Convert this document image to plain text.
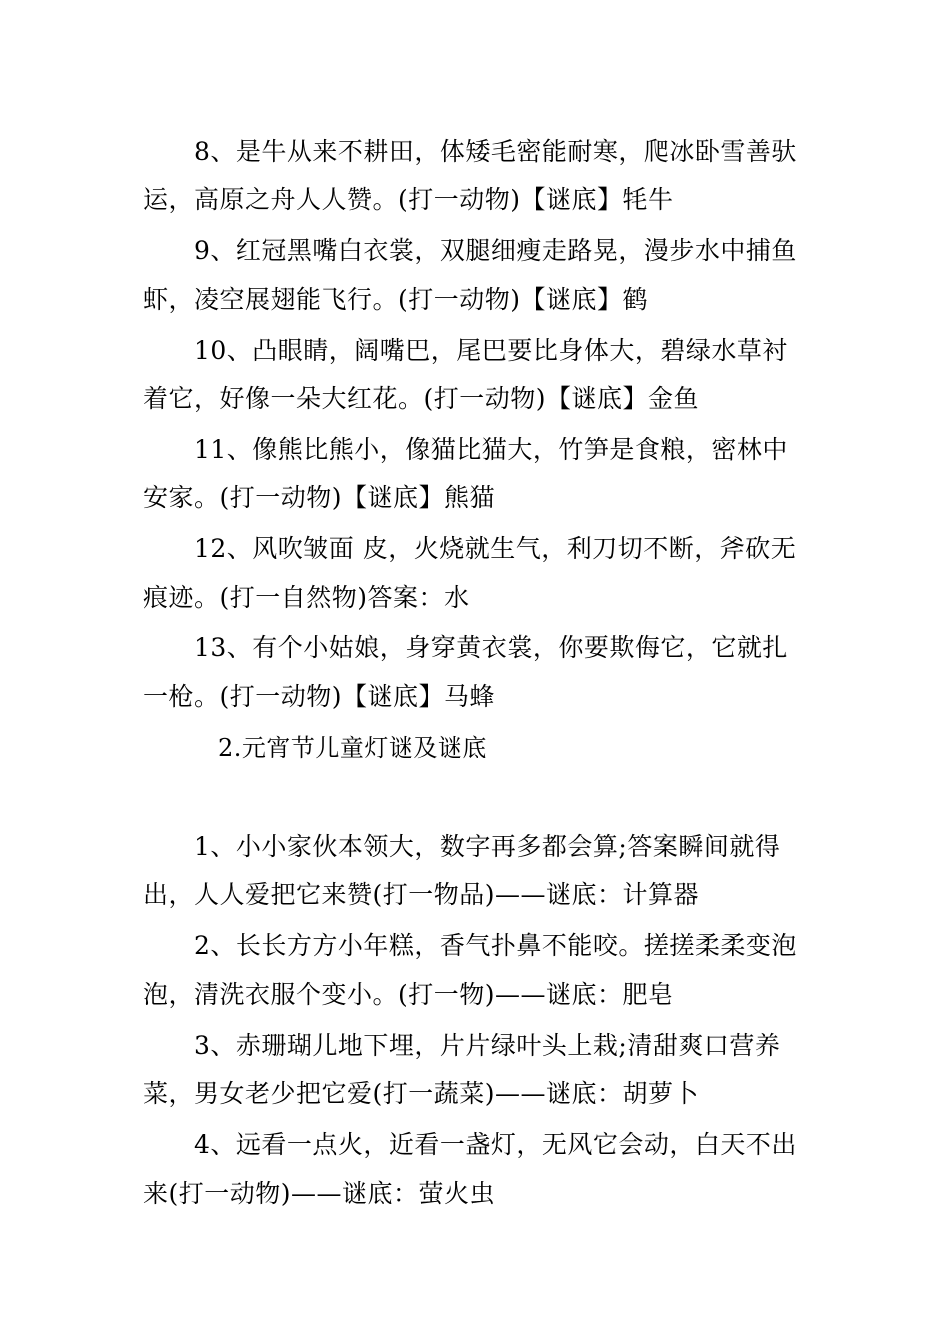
8、是牛从来不耕田，体矮毛密能耐寒，爬冰卧雪善驮
运，高原之舟人人赞。(打一动物)【谜底】牦牛
9、红冠黑嘴白衣裳，双腿细瘦走路晃，漫步水中捕鱼
虾，凌空展翅能飞行。(打一动物)【谜底】鹤
10、凸眼睛，阔嘴巴，尾巴要比身体大，碧绿水草衬
着它，好像一朵大红花。(打一动物)【谜底】金鱼
11、像熊比熊小，像猫比猫大，竹笋是食粮，密林中
安家。(打一动物)【谜底】熊猫
12、风吹皱面 皮，火烧就生气，利刀切不断，斧砍无
痕迹。(打一自然物)答案：水
13、有个小姑娘，身穿黄衣裳，你要欺侮它，它就扎
一枪。(打一动物)【谜底】马蜂
2.元宵节儿童灯谜及谜底
1、小小家伙本领大，数字再多都会算;答案瞬间就得
出，人人爱把它来赞(打一物品)——谜底：计算器
2、长长方方小年糕，香气扑鼻不能咬。搓搓柔柔变泡
泡，清洗衣服个变小。(打一物)——谜底：肥皂
3、赤珊瑚儿地下埋，片片绿叶头上栽;清甜爽口营养
菜，男女老少把它爱(打一蔬菜)——谜底：胡萝卜
4、远看一点火，近看一盏灯，无风它会动，白天不出
来(打一动物)——谜底：萤火虫
